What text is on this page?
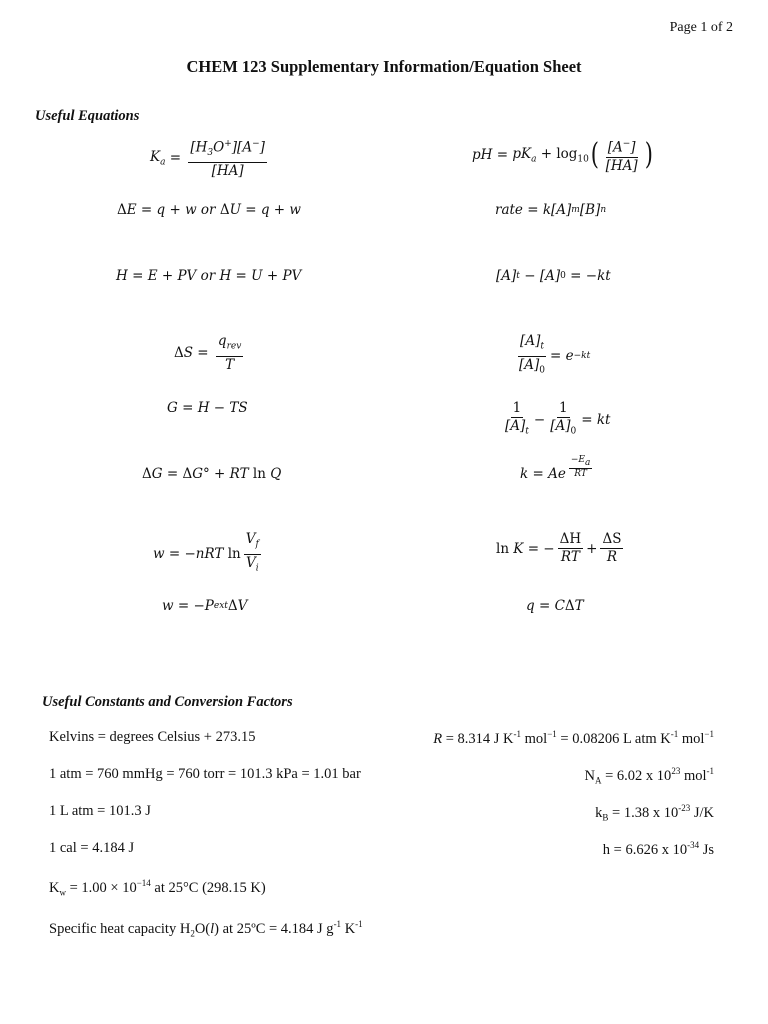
Page 1 of 2
CHEM 123 Supplementary Information/Equation Sheet
Useful Equations
$K_a = \frac{[H_3O^+][A^-]}{[HA]}$	pH = $pK_a + \log_{10}$ ( $\frac{[A^-]}{[HA]}$ )
Δ E = q + w or Δ U = q + w	rate = k[A] m [B] n
H = E + PV or H = U + PV	[A] t − [A] 0 = − kt
Δ $S = \frac{q_{rev}}{T}$	$\frac{[A]_t}{[A]_0} = e -kt$
G = H − TS	$\frac{1}{[A]_t} - \frac{1}{[A]_0}$ = kt
Δ G = Δ G° + RT ln Q	k = Ae $\frac{-E_a}{RT}$
w = − nRT $\ln \frac{V_f}{V_i}$	ln K = − $\frac{\Delta H}{RT} + \frac{\Delta S}{R}$
w = − P ext Δ V	q = C Δ T
Useful Constants and Conversion Factors
Kelvins = degrees Celsius + 273.15	R = 8.314 J $K^{-1}$ mol$^{-1}$ = 0.08206 L atm $K^{-1}$ mol$^{-1}$
1 atm = 760 mmHg = 760 torr = 101.3 kPa = 1.01 bar	$N_A = 6.02$ x $10^{23}$ mol$^{-1}$
1 L atm = 101.3 J	$k_B = 1.38$ x $10^{-23}$ J/K
1 cal = 4.184 J	h = 6.626 x $10^{-34}$ Js
$K_w = 1.00 \times 10^{-14}$ at 25°C (298.15 K)
Specific heat capacity $H_2O(l)$ at 25ºC = 4.184 J $g^{-1}$ $K^{-1}$
